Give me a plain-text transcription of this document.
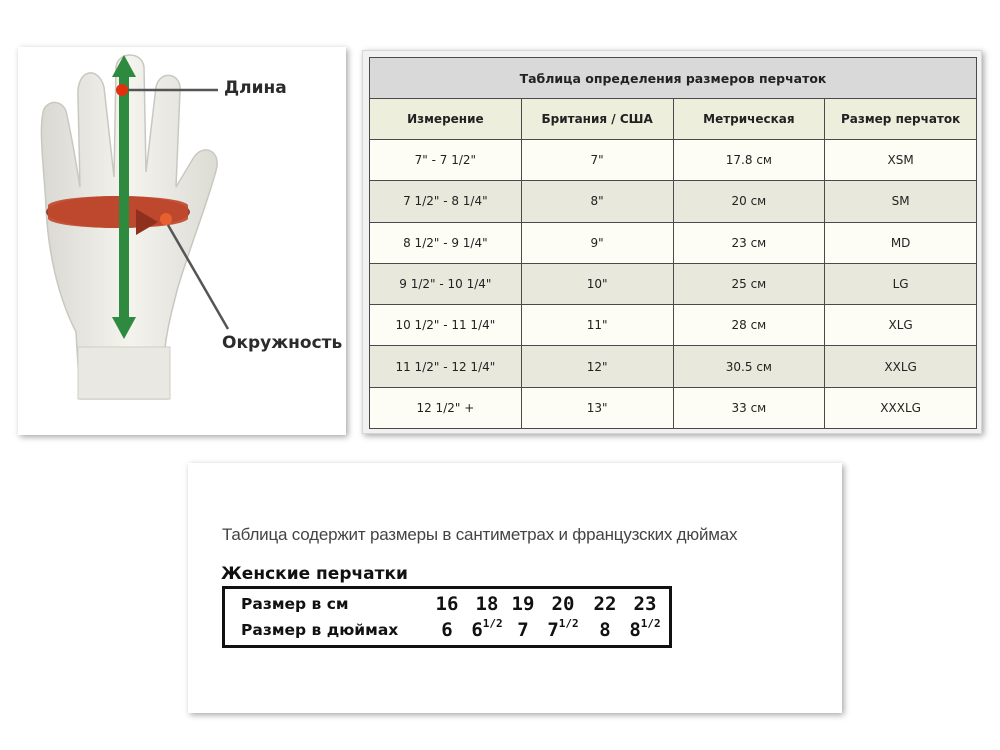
Длина
Окружность
Таблица определения размеров перчаток			
Измерение	Британия / США	Метрическая	Размер перчаток
7" - 7 1/2"	7"	17.8 см	XSM
7 1/2" - 8 1/4"	8"	20 см	SM
8 1/2" - 9 1/4"	9"	23 см	MD
9 1/2" - 10 1/4"	10"	25 см	LG
10 1/2" - 11 1/4"	11"	28 см	XLG
11 1/2" - 12 1/4"	12"	30.5 см	XXLG
12 1/2" +	13"	33 см	XXXLG
Таблица содержит размеры в сантиметрах и французских дюймах
Женские перчатки
Размер в см	16 18 19 20	22 23
Размер в дюймах	6 $6^{1/2}$ 7 $7^{1/2}$	8 $8^{1/2}$
